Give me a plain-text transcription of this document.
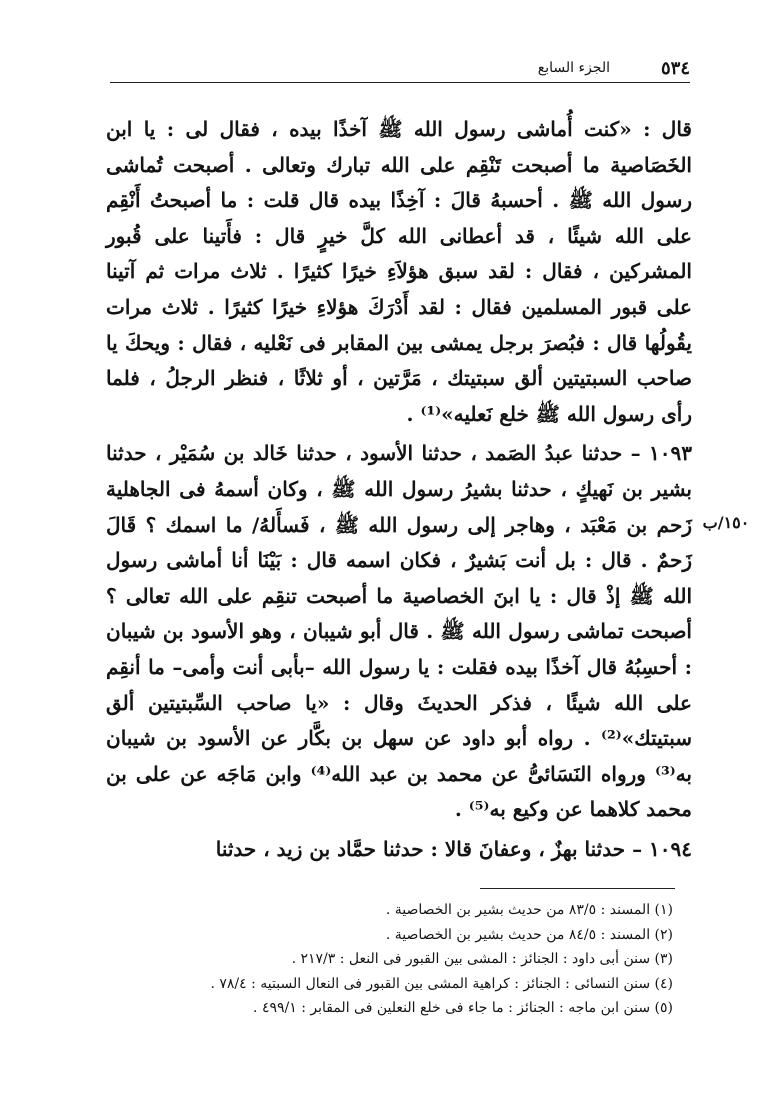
٥٣٤
الجزء السابع
١٥٠/ب

قال : «كنت أُماشى رسول الله ﷺ آخذًا بيده ، فقال لى : يا ابن الخَصَاصية ما أصبحت تَنْقِم على الله تبارك وتعالى . أصبحت تُماشى رسول الله ﷺ . أحسبهُ قالَ : آخِذًا بيده قال قلت : ما أصبحتُ أَنْقِم على الله شيئًا ، قد أعطانى الله كلَّ خيرٍ قال : فأَتينا على قُبور المشركين ، فقال : لقد سبق هؤلاَءِ خيرًا كثيرًا . ثلاث مرات ثم آتينا على قبور المسلمين فقال : لقد أَدْرَكَ هؤلاءِ خيرًا كثيرًا . ثلاث مرات يقُولُها قال : فبُصرَ برجل يمشى بين المقابر فى نَعْليه ، فقال : ويحكَ يا صاحب السبتيتين ألق سبتيتك ، مَرَّتين ، أو ثلاثًا ، فنظر الرجلُ ، فلما رأى رسول الله ﷺ خلع نَعليه»⁽¹⁾ .

١٠٩٣ – حدثنا عبدُ الصَمد ، حدثنا الأسود ، حدثنا خَالد بن سُمَيْر ، حدثنا بشير بن نَهيكٍ ، حدثنا بشيرُ رسول الله ﷺ ، وكان أسمهُ فى الجاهلية زَحم بن مَعْبَد ، وهاجر إلى رسول الله ﷺ ، فَسأَلهُ/ ما اسمك ؟ قَالَ زَحمٌ . قال : بل أنت بَشيرٌ ، فكان اسمه قال : بَيْنَا أنا أماشى رسول الله ﷺ إذْ قال : يا ابنَ الخصاصية ما أصبحت تنقِم على الله تعالى ؟ أصبحت تماشى رسول الله ﷺ . قال أبو شيبان ، وهو الأسود بن شيبان : أحسِبُهُ قال آخذًا بيده فقلت : يا رسول الله –بأبى أنت وأمى– ما أنقِم على الله شيئًا ، فذكر الحديثَ وقال : «يا صاحب السِّبتيتين ألق سبتيتك»⁽²⁾ . رواه أبو داود عن سهل بن بكَّار عن الأسود بن شيبان به⁽³⁾ ورواه النَسَائىُّ عن محمد بن عبد الله⁽⁴⁾ وابن مَاجَه عن على بن محمد كلاهما عن وكيع به⁽⁵⁾ .

١٠٩٤ – حدثنا بهزٌ ، وعفانَ قالا : حدثنا حمَّاد بن زيد ، حدثنا

(١) المسند : ٨٣/٥ من حديث بشير بن الخصاصية .
(٢) المسند : ٨٤/٥ من حديث بشير بن الخصاصية .
(٣) سنن أبى داود : الجنائز : المشى بين القبور فى النعل : ٢١٧/٣ .
(٤) سنن النسائى : الجنائز : كراهية المشى بين القبور فى النعال السبتيه : ٧٨/٤ .
(٥) سنن ابن ماجه : الجنائز : ما جاء فى خلع النعلين فى المقابر : ٤٩٩/١ .
